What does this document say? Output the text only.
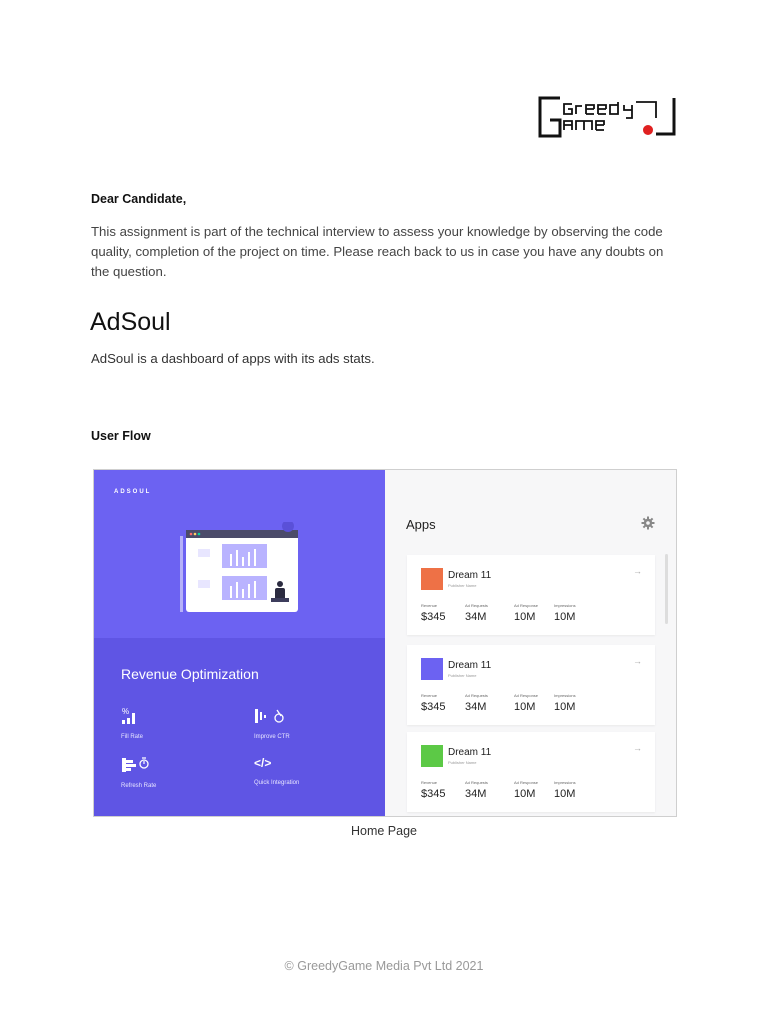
Dear Candidate,
This assignment is part of the technical interview to assess your knowledge by observing the code quality, completion of the project on time. Please reach back to us in case you have any doubts on the question.
AdSoul
AdSoul is a dashboard of apps with its ads stats.
User Flow
ADSOUL
Revenue Optimization
%
Fill Rate	Improve CTR
Refresh Rate
</>
Quick Integration
Apps
Dream 11
Publisher Name
→
Revenue
$345
Ad Requests
34M
Ad Response
10M
Impressions
10M
Dream 11
Publisher Name
→
Revenue
$345
Ad Requests
34M
Ad Response
10M
Impressions
10M
Dream 11
Publisher Name
→
Revenue
$345
Ad Requests
34M
Ad Response
10M
Impressions
10M
Home Page
© GreedyGame Media Pvt Ltd 2021
